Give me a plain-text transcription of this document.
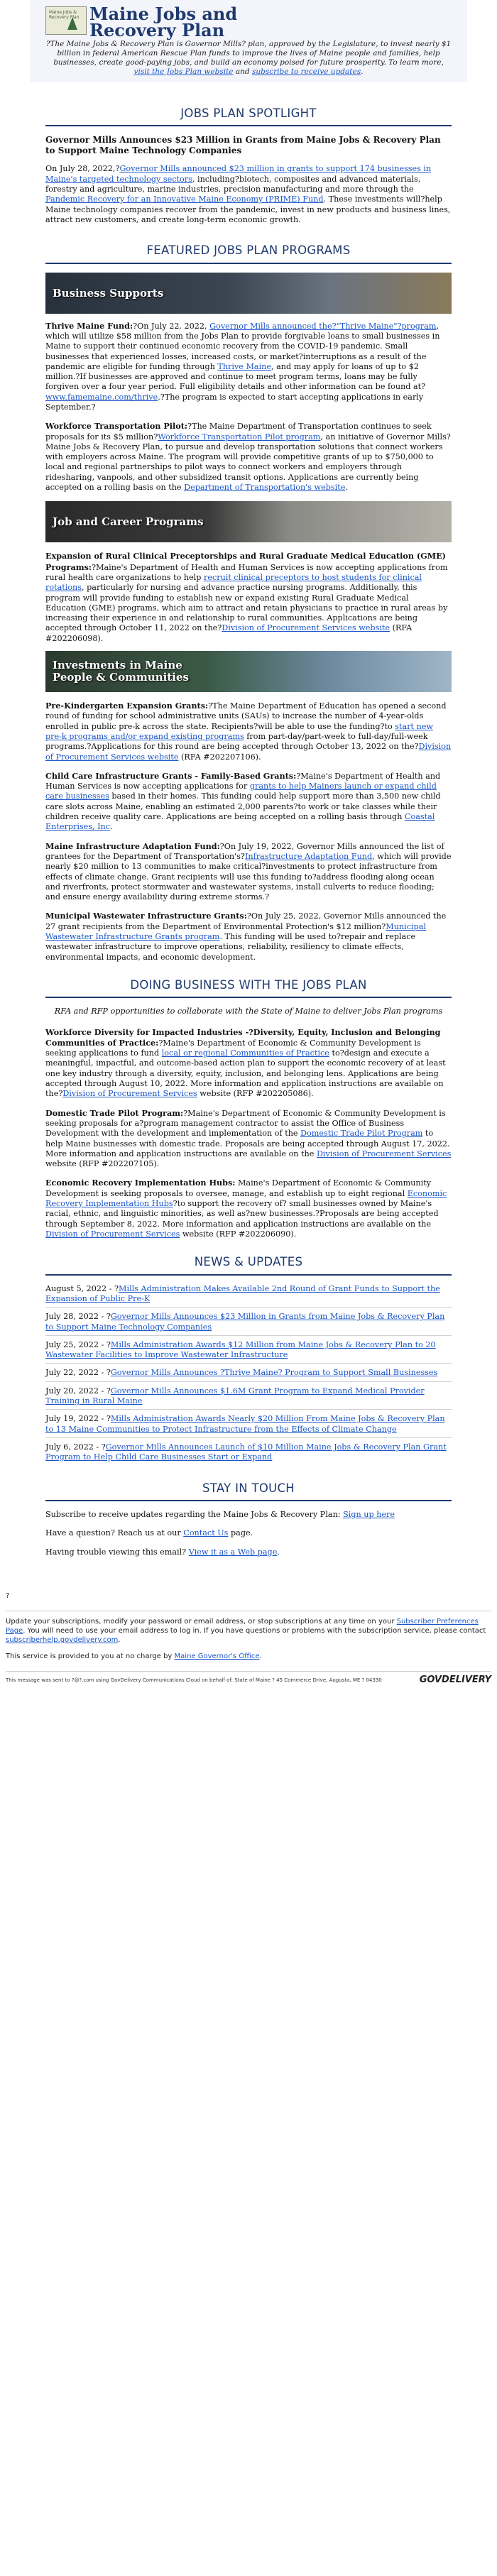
Maine Jobs & Recovery Plan Maine Jobs and
Recovery Plan
?The Maine Jobs & Recovery Plan is Governor Mills? plan, approved by the Legislature, to invest nearly $1 billion in federal American Rescue Plan funds to improve the lives of Maine people and families, help businesses, create good-paying jobs, and build an economy poised for future prosperity. To learn more, visit the Jobs Plan website and subscribe to receive updates.
JOBS PLAN SPOTLIGHT
Governor Mills Announces $23 Million in Grants from Maine Jobs & Recovery Plan to Support Maine Technology Companies

On July 28, 2022,?Governor Mills announced $23 million in grants to support 174 businesses in Maine's targeted technology sectors, including?biotech, composites and advanced materials, forestry and agriculture, marine industries, precision manufacturing and more through the Pandemic Recovery for an Innovative Maine Economy (PRIME) Fund. These investments will?help Maine technology companies recover from the pandemic, invest in new products and business lines, attract new customers, and create long-term economic growth.

FEATURED JOBS PLAN PROGRAMS
Business Supports

Thrive Maine Fund:?On July 22, 2022, Governor Mills announced the?"Thrive Maine"?program, which will utilize $58 million from the Jobs Plan to provide forgivable loans to small businesses in Maine to support their continued economic recovery from the COVID-19 pandemic. Small businesses that experienced losses, increased costs, or market?interruptions as a result of the pandemic are eligible for funding through Thrive Maine, and may apply for loans of up to $2 million.?If businesses are approved and continue to meet program terms, loans may be fully forgiven over a four year period. Full eligibility details and other information can be found at?www.famemaine.com/thrive.?The program is expected to start accepting applications in early September.?

Workforce Transportation Pilot:?The Maine Department of Transportation continues to seek proposals for its $5 million?Workforce Transportation Pilot program, an initiative of Governor Mills? Maine Jobs & Recovery Plan, to pursue and develop transportation solutions that connect workers with employers across Maine. The program will provide competitive grants of up to $750,000 to local and regional partnerships to pilot ways to connect workers and employers through ridesharing, vanpools, and other subsidized transit options. Applications are currently being accepted on a rolling basis on the Department of Transportation's website.

Job and Career Programs

Expansion of Rural Clinical Preceptorships and Rural Graduate Medical Education (GME) Programs:?Maine's Department of Health and Human Services is now accepting applications from rural health care organizations to help recruit clinical preceptors to host students for clinical rotations, particularly for nursing and advance practice nursing programs. Additionally, this program will provide funding to establish new or expand existing Rural Graduate Medical Education (GME) programs, which aim to attract and retain physicians to practice in rural areas by increasing their experience in and relationship to rural communities. Applications are being accepted through October 11, 2022 on the?Division of Procurement Services website (RFA #202206098).

Investments in Maine
People & Communities

Pre-Kindergarten Expansion Grants:?The Maine Department of Education has opened a second round of funding for school administrative units (SAUs) to increase the number of 4-year-olds enrolled in public pre-k across the state. Recipients?will be able to use the funding?to start new pre-k programs and/or expand existing programs from part-day/part-week to full-day/full-week programs.?Applications for this round are being accepted through October 13, 2022 on the?Division of Procurement Services website (RFA #202207106).

Child Care Infrastructure Grants - Family-Based Grants:?Maine's Department of Health and Human Services is now accepting applications for grants to help Mainers launch or expand child care businesses based in their homes. This funding could help support more than 3,500 new child care slots across Maine, enabling an estimated 2,000 parents?to work or take classes while their children receive quality care. Applications are being accepted on a rolling basis through Coastal Enterprises, Inc.

Maine Infrastructure Adaptation Fund:?On July 19, 2022, Governor Mills announced the list of grantees for the Department of Transportation's?Infrastructure Adaptation Fund, which will provide nearly $20 million to 13 communities to make critical?investments to protect infrastructure from effects of climate change. Grant recipients will use this funding to?address flooding along ocean and riverfronts, protect stormwater and wastewater systems, install culverts to reduce flooding; and ensure energy availability during extreme storms.?

Municipal Wastewater Infrastructure Grants:?On July 25, 2022, Governor Mills announced the 27 grant recipients from the Department of Environmental Protection's $12 million?Municipal Wastewater Infrastructure Grants program. This funding will be used to?repair and replace wastewater infrastructure to improve operations, reliability, resiliency to climate effects, environmental impacts, and economic development.

DOING BUSINESS WITH THE JOBS PLAN

RFA and RFP opportunities to collaborate with the State of Maine to deliver Jobs Plan programs

Workforce Diversity for Impacted Industries -?Diversity, Equity, Inclusion and Belonging Communities of Practice:?Maine's Department of Economic & Community Development is seeking applications to fund local or regional Communities of Practice to?design and execute a meaningful, impactful, and outcome-based action plan to support the economic recovery of at least one key industry through a diversity, equity, inclusion, and belonging lens. Applications are being accepted through August 10, 2022. More information and application instructions are available on the?Division of Procurement Services website (RFP #202205086).

Domestic Trade Pilot Program:?Maine's Department of Economic & Community Development is seeking proposals for a?program management contractor to assist the Office of Business Development with the development and implementation of the Domestic Trade Pilot Program to help Maine businesses with domestic trade. Proposals are being accepted through August 17, 2022. More information and application instructions are available on the Division of Procurement Services website (RFP #202207105).

Economic Recovery Implementation Hubs: Maine's Department of Economic & Community Development is seeking proposals to oversee, manage, and establish up to eight regional Economic Recovery Implementation Hubs?to support the recovery of? small businesses owned by Maine's racial, ethnic, and linguistic minorities, as well as?new businesses.?Proposals are being accepted through September 8, 2022. More information and application instructions are available on the Division of Procurement Services website (RFP #202206090).

NEWS & UPDATES

August 5, 2022 - ?Mills Administration Makes Available 2nd Round of Grant Funds to Support the Expansion of Public Pre-K

July 28, 2022 - ?Governor Mills Announces $23 Million in Grants from Maine Jobs & Recovery Plan to Support Maine Technology Companies

July 25, 2022 - ?Mills Administration Awards $12 Million from Maine Jobs & Recovery Plan to 20 Wastewater Facilities to Improve Wastewater Infrastructure

July 22, 2022 - ?Governor Mills Announces ?Thrive Maine? Program to Support Small Businesses

July 20, 2022 - ?Governor Mills Announces $1.6M Grant Program to Expand Medical Provider Training in Rural Maine

July 19, 2022 - ?Mills Administration Awards Nearly $20 Million From Maine Jobs & Recovery Plan to 13 Maine Communities to Protect Infrastructure from the Effects of Climate Change

July 6, 2022 - ?Governor Mills Announces Launch of $10 Million Maine Jobs & Recovery Plan Grant Program to Help Child Care Businesses Start or Expand

STAY IN TOUCH

Subscribe to receive updates regarding the Maine Jobs & Recovery Plan: Sign up here

Have a question? Reach us at our Contact Us page.

Having trouble viewing this email? View it as a Web page.

?

Update your subscriptions, modify your password or email address, or stop subscriptions at any time on your Subscriber Preferences Page. You will need to use your email address to log in. If you have questions or problems with the subscription service, please contact subscriberhelp.govdelivery.com.

This service is provided to you at no charge by Maine Governor's Office.

This message was sent to ?@?.com using GovDelivery Communications Cloud on behalf of: State of Maine ? 45 Commerce Drive, Augusta, ME ? 04330	GOVDELIVERY
